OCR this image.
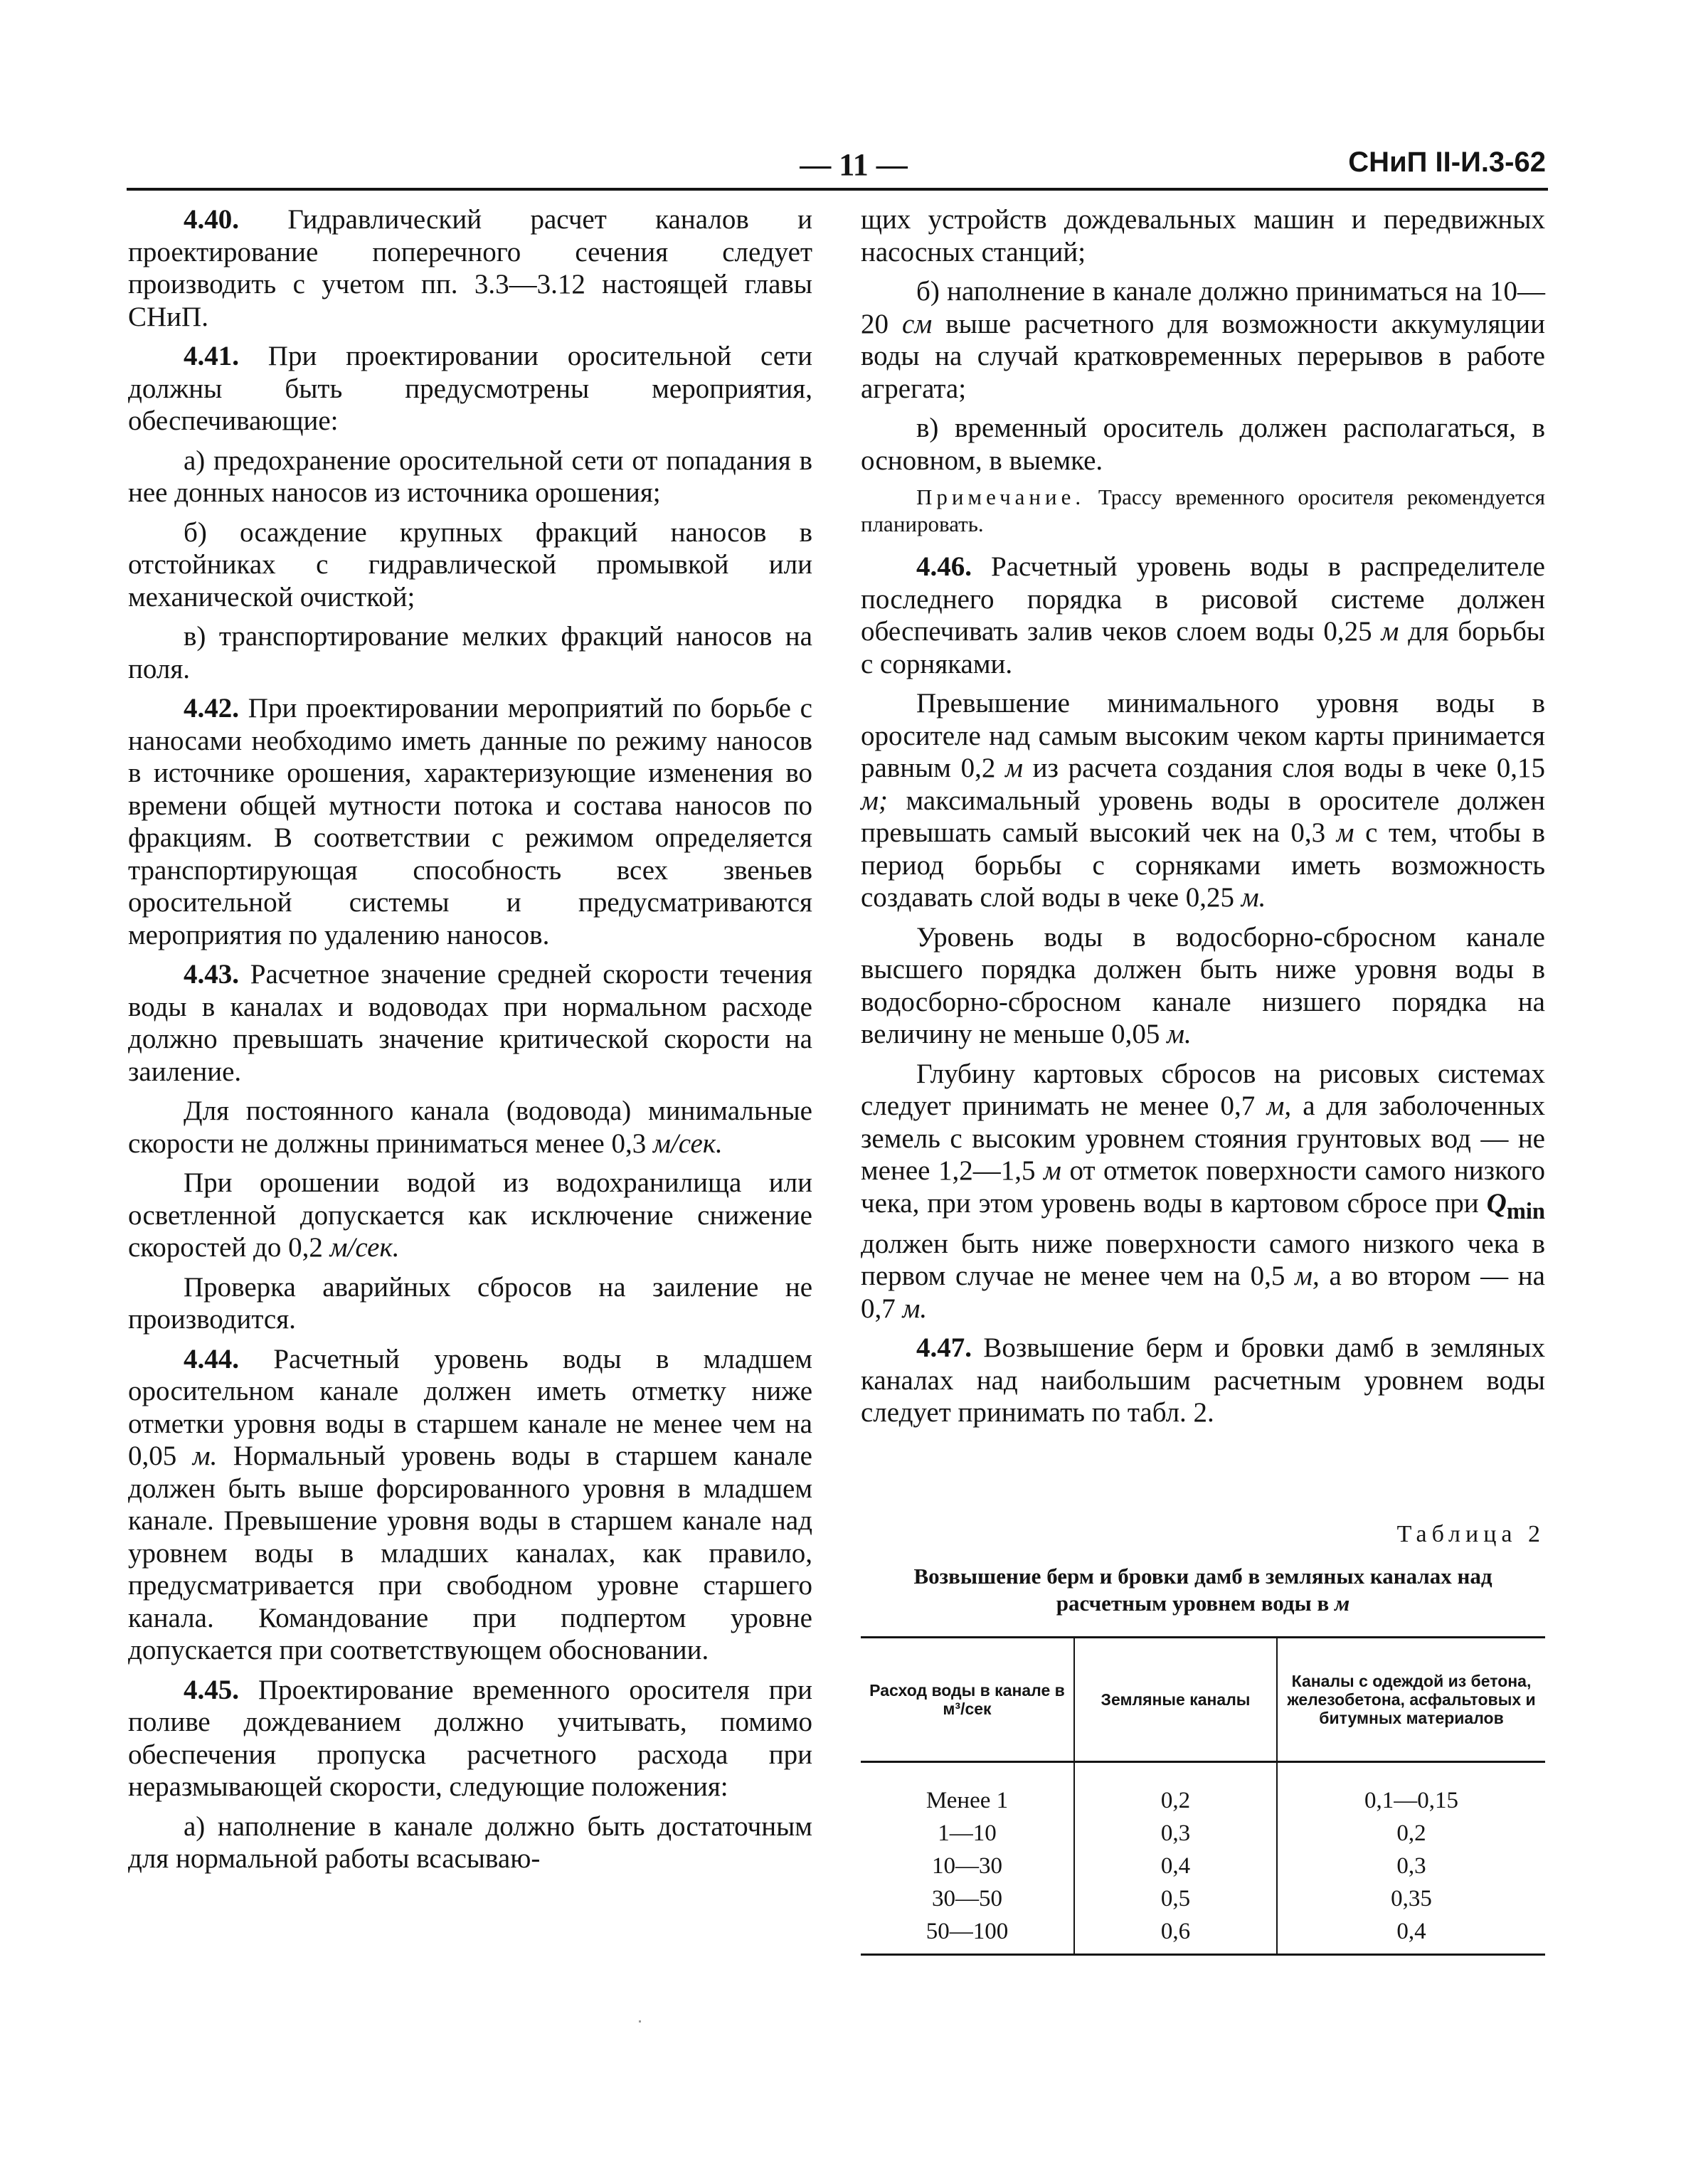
— 11 —	СНиП II-И.3-62

4.40. Гидравлический расчет каналов и проектирование поперечного сечения следует производить с учетом пп. 3.3—3.12 настоящей главы СНиП.

4.41. При проектировании оросительной сети должны быть предусмотрены мероприятия, обеспечивающие:

а) предохранение оросительной сети от попадания в нее донных наносов из источника орошения;

б) осаждение крупных фракций наносов в отстойниках с гидравлической промывкой или механической очисткой;

в) транспортирование мелких фракций наносов на поля.

4.42. При проектировании мероприятий по борьбе с наносами необходимо иметь данные по режиму наносов в источнике орошения, характеризующие изменения во времени общей мутности потока и состава наносов по фракциям. В соответствии с режимом определяется транспортирующая способность всех звеньев оросительной системы и предусматриваются мероприятия по удалению наносов.

4.43. Расчетное значение средней скорости течения воды в каналах и водоводах при нормальном расходе должно превышать значение критической скорости на заиление.

Для постоянного канала (водовода) минимальные скорости не должны приниматься менее 0,3 м/сек.

При орошении водой из водохранилища или осветленной допускается как исключение снижение скоростей до 0,2 м/сек.

Проверка аварийных сбросов на заиление не производится.

4.44. Расчетный уровень воды в младшем оросительном канале должен иметь отметку ниже отметки уровня воды в старшем канале не менее чем на 0,05 м. Нормальный уровень воды в старшем канале должен быть выше форсированного уровня в младшем канале. Превышение уровня воды в старшем канале над уровнем воды в младших каналах, как правило, предусматривается при свободном уровне старшего канала. Командование при подпертом уровне допускается при соответствующем обосновании.

4.45. Проектирование временного оросителя при поливе дождеванием должно учитывать, помимо обеспечения пропуска расчетного расхода при неразмывающей скорости, следующие положения:

а) наполнение в канале должно быть достаточным для нормальной работы всасываю-

щих устройств дождевальных машин и передвижных насосных станций;

б) наполнение в канале должно приниматься на 10—20 см выше расчетного для возможности аккумуляции воды на случай кратковременных перерывов в работе агрегата;

в) временный ороситель должен располагаться, в основном, в выемке.

Примечание. Трассу временного оросителя рекомендуется планировать.

4.46. Расчетный уровень воды в распределителе последнего порядка в рисовой системе должен обеспечивать залив чеков слоем воды 0,25 м для борьбы с сорняками.

Превышение минимального уровня воды в оросителе над самым высоким чеком карты принимается равным 0,2 м из расчета создания слоя воды в чеке 0,15 м; максимальный уровень воды в оросителе должен превышать самый высокий чек на 0,3 м с тем, чтобы в период борьбы с сорняками иметь возможность создавать слой воды в чеке 0,25 м.

Уровень воды в водосборно-сбросном канале высшего порядка должен быть ниже уровня воды в водосборно-сбросном канале низшего порядка на величину не меньше 0,05 м.

Глубину картовых сбросов на рисовых системах следует принимать не менее 0,7 м, а для заболоченных земель с высоким уровнем стояния грунтовых вод — не менее 1,2—1,5 м от отметок поверхности самого низкого чека, при этом уровень воды в картовом сбросе при $Q_{min}$ должен быть ниже поверхности самого низкого чека в первом случае не менее чем на 0,5 м, а во втором — на 0,7 м.

4.47. Возвышение берм и бровки дамб в земляных каналах над наибольшим расчетным уровнем воды следует принимать по табл. 2.

Таблица 2
Возвышение берм и бровки дамб в земляных каналах над расчетным уровнем воды в м
Расход воды в канале в м³/сек	Земляные каналы	Каналы с одеждой из бетона, железобетона, асфальтовых и битумных материалов
Менее 1	0,2	0,1—0,15
1—10	0,3	0,2
10—30	0,4	0,3
30—50	0,5	0,35
50—100	0,6	0,4
